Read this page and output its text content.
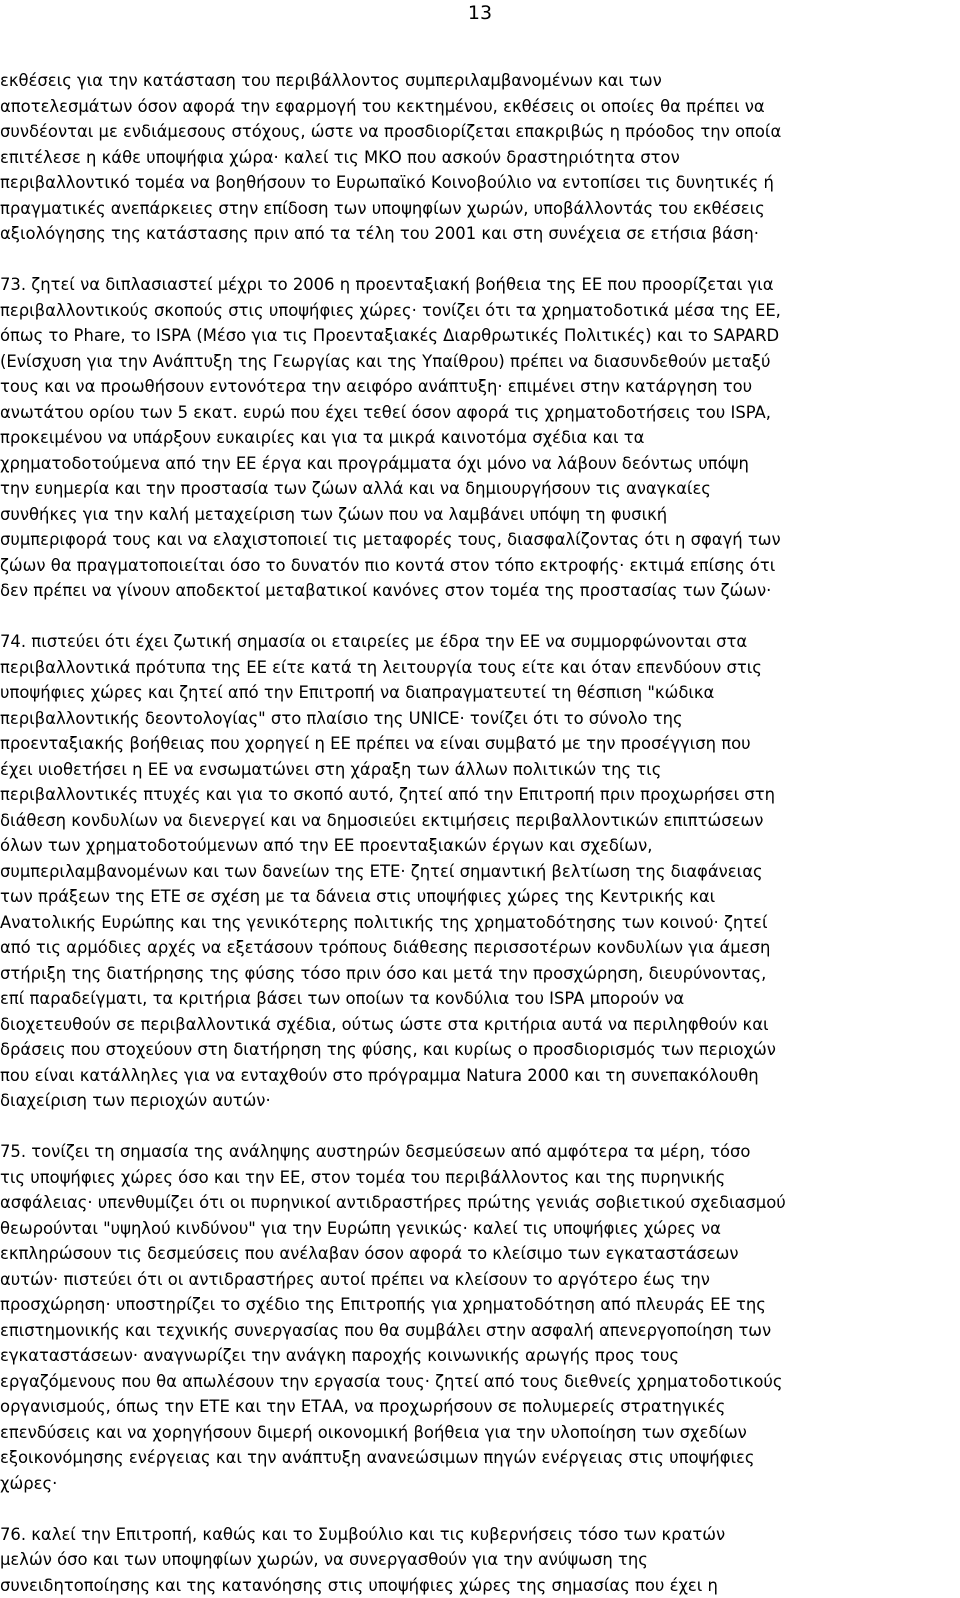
13

εκθέσεις για την κατάσταση του περιβάλλοντος συμπεριλαμβανομένων και των
αποτελεσμάτων όσον αφορά την εφαρμογή του κεκτημένου, εκθέσεις οι οποίες θα πρέπει να
συνδέονται με ενδιάμεσους στόχους, ώστε να προσδιορίζεται επακριβώς η πρόοδος την οποία
επιτέλεσε η κάθε υποψήφια χώρα· καλεί τις ΜΚΟ που ασκούν δραστηριότητα στον
περιβαλλοντικό τομέα να βοηθήσουν το Ευρωπαϊκό Κοινοβούλιο να εντοπίσει τις δυνητικές ή
πραγματικές ανεπάρκειες στην επίδοση των υποψηφίων χωρών, υποβάλλοντάς του εκθέσεις
αξιολόγησης της κατάστασης πριν από τα τέλη του 2001 και στη συνέχεια σε ετήσια βάση·

73. ζητεί να διπλασιαστεί μέχρι το 2006 η προενταξιακή βοήθεια της ΕΕ που προορίζεται για
περιβαλλοντικούς σκοπούς στις υποψήφιες χώρες· τονίζει ότι τα χρηματοδοτικά μέσα της ΕΕ,
όπως το Phare, το ISPA (Μέσο για τις Προενταξιακές Διαρθρωτικές Πολιτικές) και το SAPARD
(Ενίσχυση για την Ανάπτυξη της Γεωργίας και της Υπαίθρου) πρέπει να διασυνδεθούν μεταξύ
τους και να προωθήσουν εντονότερα την αειφόρο ανάπτυξη· επιμένει στην κατάργηση του
ανωτάτου ορίου των 5 εκατ. ευρώ που έχει τεθεί όσον αφορά τις χρηματοδοτήσεις του ISPA,
προκειμένου να υπάρξουν ευκαιρίες και για τα μικρά καινοτόμα σχέδια και τα
χρηματοδοτούμενα από την ΕΕ έργα και προγράμματα όχι μόνο να λάβουν δεόντως υπόψη
την ευημερία και την προστασία των ζώων αλλά και να δημιουργήσουν τις αναγκαίες
συνθήκες για την καλή μεταχείριση των ζώων που να λαμβάνει υπόψη τη φυσική
συμπεριφορά τους και να ελαχιστοποιεί τις μεταφορές τους, διασφαλίζοντας ότι η σφαγή των
ζώων θα πραγματοποιείται όσο το δυνατόν πιο κοντά στον τόπο εκτροφής· εκτιμά επίσης ότι
δεν πρέπει να γίνουν αποδεκτοί μεταβατικοί κανόνες στον τομέα της προστασίας των ζώων·

74. πιστεύει ότι έχει ζωτική σημασία οι εταιρείες με έδρα την ΕΕ να συμμορφώνονται στα
περιβαλλοντικά πρότυπα της ΕΕ είτε κατά τη λειτουργία τους είτε και όταν επενδύουν στις
υποψήφιες χώρες και ζητεί από την Επιτροπή να διαπραγματευτεί τη θέσπιση "κώδικα
περιβαλλοντικής δεοντολογίας" στο πλαίσιο της UNICE· τονίζει ότι το σύνολο της
προενταξιακής βοήθειας που χορηγεί η ΕΕ πρέπει να είναι συμβατό με την προσέγγιση που
έχει υιοθετήσει η ΕΕ να ενσωματώνει στη χάραξη των άλλων πολιτικών της τις
περιβαλλοντικές πτυχές και για το σκοπό αυτό, ζητεί από την Επιτροπή πριν προχωρήσει στη
διάθεση κονδυλίων να διενεργεί και να δημοσιεύει εκτιμήσεις περιβαλλοντικών επιπτώσεων
όλων των χρηματοδοτούμενων από την ΕΕ προενταξιακών έργων και σχεδίων,
συμπεριλαμβανομένων και των δανείων της ΕΤΕ· ζητεί σημαντική βελτίωση της διαφάνειας
των πράξεων της ΕΤΕ σε σχέση με τα δάνεια στις υποψήφιες χώρες της Κεντρικής και
Ανατολικής Ευρώπης και της γενικότερης πολιτικής της χρηματοδότησης των κοινού· ζητεί
από τις αρμόδιες αρχές να εξετάσουν τρόπους διάθεσης περισσοτέρων κονδυλίων για άμεση
στήριξη της διατήρησης της φύσης τόσο πριν όσο και μετά την προσχώρηση, διευρύνοντας,
επί παραδείγματι, τα κριτήρια βάσει των οποίων τα κονδύλια του ISPA μπορούν να
διοχετευθούν σε περιβαλλοντικά σχέδια, ούτως ώστε στα κριτήρια αυτά να περιληφθούν και
δράσεις που στοχεύουν στη διατήρηση της φύσης, και κυρίως ο προσδιορισμός των περιοχών
που είναι κατάλληλες για να ενταχθούν στο πρόγραμμα Natura 2000 και τη συνεπακόλουθη
διαχείριση των περιοχών αυτών·

75. τονίζει τη σημασία της ανάληψης αυστηρών δεσμεύσεων από αμφότερα τα μέρη, τόσο
τις υποψήφιες χώρες όσο και την ΕΕ, στον τομέα του περιβάλλοντος και της πυρηνικής
ασφάλειας· υπενθυμίζει ότι οι πυρηνικοί αντιδραστήρες πρώτης γενιάς σοβιετικού σχεδιασμού
θεωρούνται "υψηλού κινδύνου" για την Ευρώπη γενικώς· καλεί τις υποψήφιες χώρες να
εκπληρώσουν τις δεσμεύσεις που ανέλαβαν όσον αφορά το κλείσιμο των εγκαταστάσεων
αυτών· πιστεύει ότι οι αντιδραστήρες αυτοί πρέπει να κλείσουν το αργότερο έως την
προσχώρηση· υποστηρίζει το σχέδιο της Επιτροπής για χρηματοδότηση από πλευράς ΕΕ της
επιστημονικής και τεχνικής συνεργασίας που θα συμβάλει στην ασφαλή απενεργοποίηση των
εγκαταστάσεων· αναγνωρίζει την ανάγκη παροχής κοινωνικής αρωγής προς τους
εργαζόμενους που θα απωλέσουν την εργασία τους· ζητεί από τους διεθνείς χρηματοδοτικούς
οργανισμούς, όπως την ΕΤΕ και την ΕΤΑΑ, να προχωρήσουν σε πολυμερείς στρατηγικές
επενδύσεις και να χορηγήσουν διμερή οικονομική βοήθεια για την υλοποίηση των σχεδίων
εξοικονόμησης ενέργειας και την ανάπτυξη ανανεώσιμων πηγών ενέργειας στις υποψήφιες
χώρες·

76. καλεί την Επιτροπή, καθώς και το Συμβούλιο και τις κυβερνήσεις τόσο των κρατών
μελών όσο και των υποψηφίων χωρών, να συνεργασθούν για την ανύψωση της
συνειδητοποίησης και της κατανόησης στις υποψήφιες χώρες της σημασίας που έχει η
